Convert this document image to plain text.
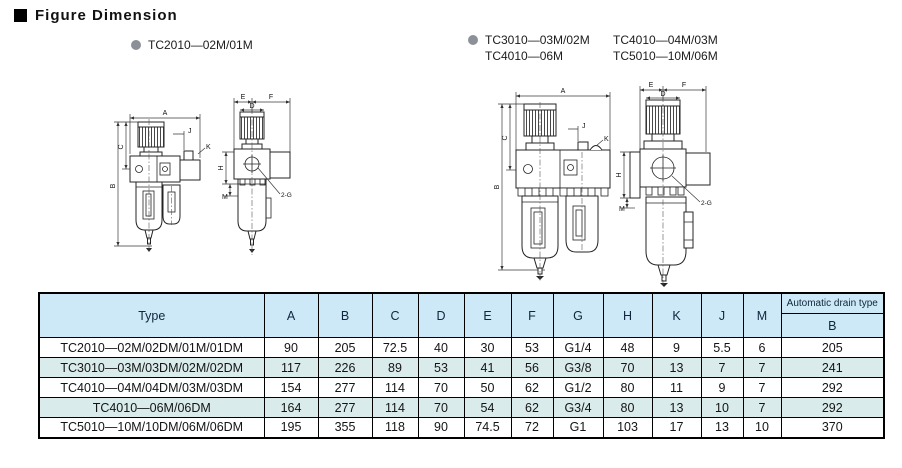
Figure Dimension
TC2010—02M/01M	TC3010—03M/02M	TC4010—04M/03M
TC4010—06M	TC5010—10M/06M
A
B
C
J
K
E	F
D
H
M	2-G
A
B
C
J
K
E	F
D
H
M
2-G
Type	A	B	C	D	E	F	G	H	K	J	M	Automatic drain type
												B
TC2010—02M/02DM/01M/01DM	90	205	72.5	40	30	53	G1/4	48	9	5.5	6	205
TC3010—03M/03DM/02M/02DM	117	226	89	53	41	56	G3/8	70	13	7	7	241
TC4010—04M/04DM/03M/03DM	154	277	114	70	50	62	G1/2	80	11	9	7	292
TC4010—06M/06DM	164	277	114	70	54	62	G3/4	80	13	10	7	292
TC5010—10M/10DM/06M/06DM	195	355	118	90	74.5	72	G1	103	17	13	10	370
